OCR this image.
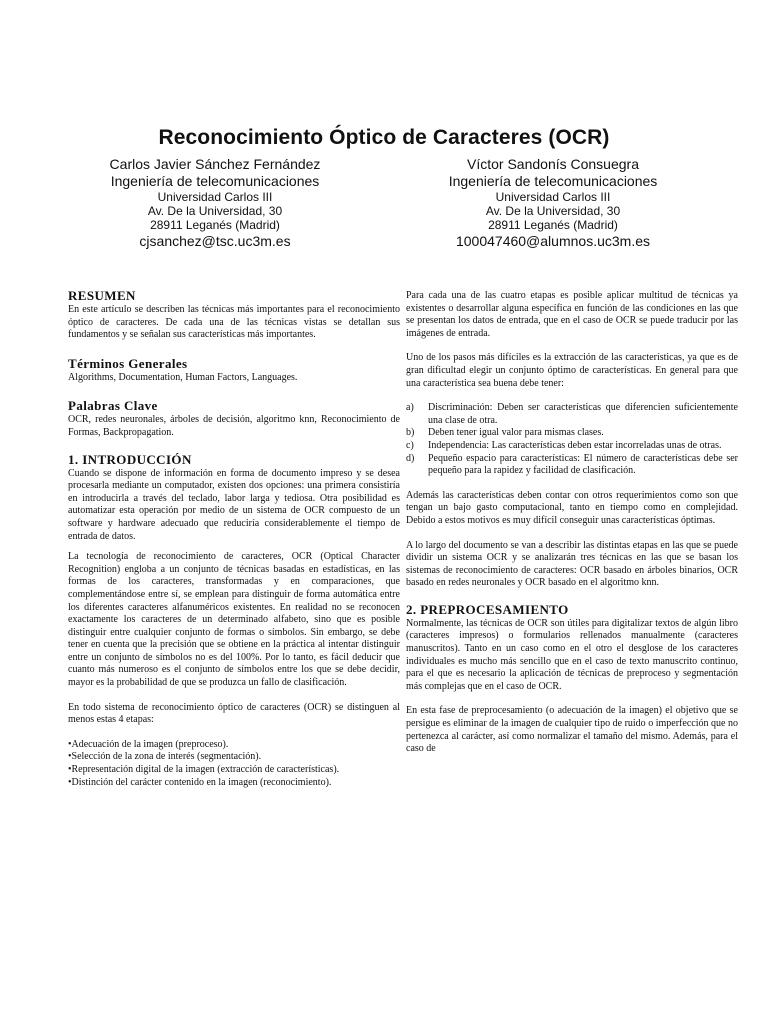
Reconocimiento Óptico de Caracteres (OCR)
Carlos Javier Sánchez Fernández
Ingeniería de telecomunicaciones
Universidad Carlos III
Av. De la Universidad, 30
28911 Leganés (Madrid)
cjsanchez@tsc.uc3m.es
Víctor Sandonís Consuegra
Ingeniería de telecomunicaciones
Universidad Carlos III
Av. De la Universidad, 30
28911 Leganés (Madrid)
100047460@alumnos.uc3m.es
RESUMEN

En este artículo se describen las técnicas más importantes para el reconocimiento óptico de caracteres. De cada una de las técnicas vistas se detallan sus fundamentos y se señalan sus características más importantes.

Términos Generales

Algorithms, Documentation, Human Factors, Languages.

Palabras Clave

OCR, redes neuronales, árboles de decisión, algoritmo knn, Reconocimiento de Formas, Backpropagation.

1. INTRODUCCIÓN

Cuando se dispone de información en forma de documento impreso y se desea procesarla mediante un computador, existen dos opciones: una primera consistiría en introducirla a través del teclado, labor larga y tediosa. Otra posibilidad es automatizar esta operación por medio de un sistema de OCR compuesto de un software y hardware adecuado que reduciría considerablemente el tiempo de entrada de datos.

La tecnología de reconocimiento de caracteres, OCR (Optical Character Recognition) engloba a un conjunto de técnicas basadas en estadísticas, en las formas de los caracteres, transformadas y en comparaciones, que complementándose entre sí, se emplean para distinguir de forma automática entre los diferentes caracteres alfanuméricos existentes. En realidad no se reconocen exactamente los caracteres de un determinado alfabeto, sino que es posible distinguir entre cualquier conjunto de formas o símbolos. Sin embargo, se debe tener en cuenta que la precisión que se obtiene en la práctica al intentar distinguir entre un conjunto de símbolos no es del 100%. Por lo tanto, es fácil deducir que cuanto más numeroso es el conjunto de símbolos entre los que se debe decidir, mayor es la probabilidad de que se produzca un fallo de clasificación.

En todo sistema de reconocimiento óptico de caracteres (OCR) se distinguen al menos estas 4 etapas:

•Adecuación de la imagen (preproceso).
•Selección de la zona de interés (segmentación).
•Representación digital de la imagen (extracción de características).
•Distinción del carácter contenido en la imagen (reconocimiento).

Para cada una de las cuatro etapas es posible aplicar multitud de técnicas ya existentes o desarrollar alguna específica en función de las condiciones en las que se presentan los datos de entrada, que en el caso de OCR se puede traducir por las imágenes de entrada.

Uno de los pasos más difíciles es la extracción de las características, ya que es de gran dificultad elegir un conjunto óptimo de características. En general para que una característica sea buena debe tener:

a)	Discriminación: Deben ser características que diferencien suficientemente una clase de otra.
b)	Deben tener igual valor para mismas clases.
c)	Independencia: Las características deben estar incorreladas unas de otras.
d)	Pequeño espacio para características: El número de características debe ser pequeño para la rapidez y facilidad de clasificación.

Además las características deben contar con otros requerimientos como son que tengan un bajo gasto computacional, tanto en tiempo como en complejidad. Debido a estos motivos es muy difícil conseguir unas características óptimas.

A lo largo del documento se van a describir las distintas etapas en las que se puede dividir un sistema OCR y se analizarán tres técnicas en las que se basan los sistemas de reconocimiento de caracteres: OCR basado en árboles binarios, OCR basado en redes neuronales y OCR basado en el algoritmo knn.

2. PREPROCESAMIENTO

Normalmente, las técnicas de OCR son útiles para digitalizar textos de algún libro (caracteres impresos) o formularios rellenados manualmente (caracteres manuscritos). Tanto en un caso como en el otro el desglose de los caracteres individuales es mucho más sencillo que en el caso de texto manuscrito continuo, para el que es necesario la aplicación de técnicas de preproceso y segmentación más complejas que en el caso de OCR.

En esta fase de preprocesamiento (o adecuación de la imagen) el objetivo que se persigue es eliminar de la imagen de cualquier tipo de ruido o imperfección que no pertenezca al carácter, así como normalizar el tamaño del mismo. Además, para el caso de
